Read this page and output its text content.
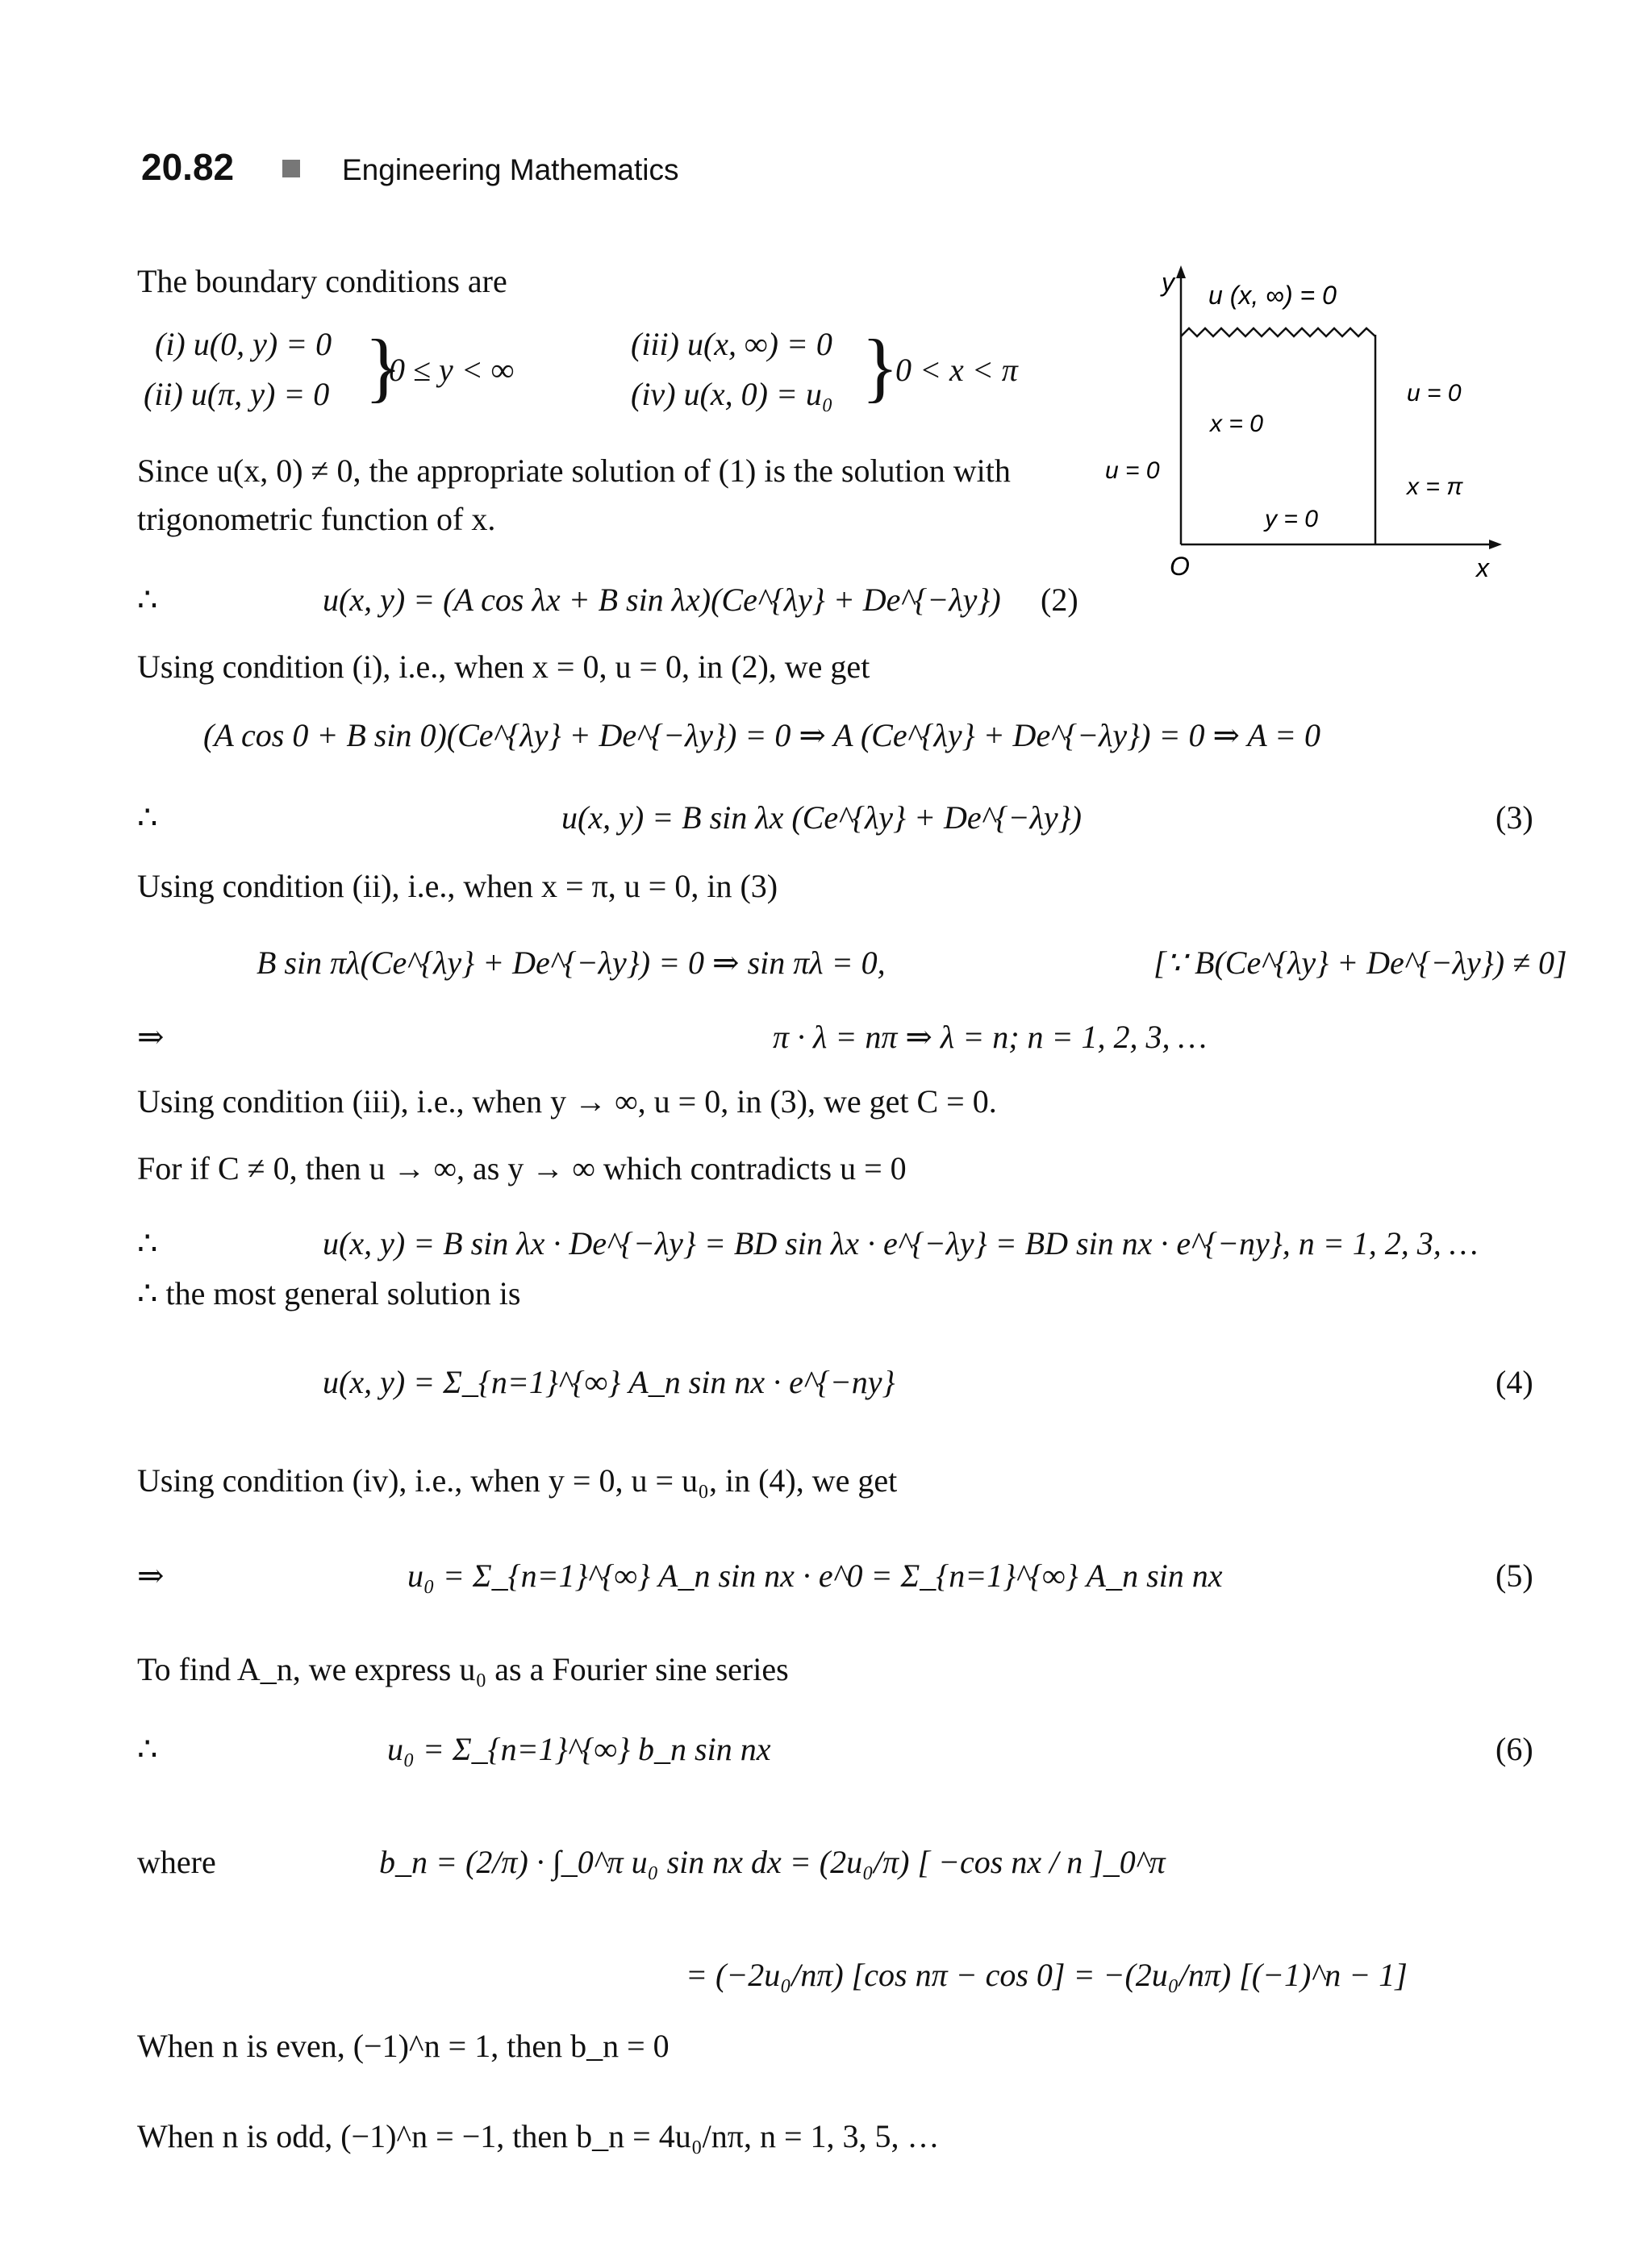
20.82	Engineering Mathematics
y
x
O
u (x, ∞) = 0
u = 0
x = 0
u = 0
x = π
y = 0
The boundary conditions are
(i) u(0, y) = 0
(ii) u(π, y) = 0 }
0 ≤ y < ∞
(iii) u(x, ∞) = 0
(iv) u(x, 0) = u₀ }
0 < x < π
Since u(x, 0) ≠ 0, the appropriate solution of (1) is the solution with
trigonometric function of x.
∴	u(x, y) = (A cos λx + B sin λx)(Ce^{λy} + De^{−λy}) (2)
Using condition (i), i.e., when x = 0, u = 0, in (2), we get
(A cos 0 + B sin 0)(Ce^{λy} + De^{−λy}) = 0 ⇒ A (Ce^{λy} + De^{−λy}) = 0 ⇒ A = 0
∴	u(x, y) = B sin λx (Ce^{λy} + De^{−λy})	(3)
Using condition (ii), i.e., when x = π, u = 0, in (3)
B sin πλ(Ce^{λy} + De^{−λy}) = 0 ⇒ sin πλ = 0,	[∵ B(Ce^{λy} + De^{−λy}) ≠ 0]
⇒	π · λ = nπ ⇒ λ = n; n = 1, 2, 3, …
Using condition (iii), i.e., when y → ∞, u = 0, in (3), we get C = 0.
For if C ≠ 0, then u → ∞, as y → ∞ which contradicts u = 0
∴	u(x, y) = B sin λx · De^{−λy} = BD sin λx · e^{−λy} = BD sin nx · e^{−ny}, n = 1, 2, 3, …
∴ the most general solution is
u(x, y) = Σ_{n=1}^{∞} A_n sin nx · e^{−ny}	(4)
Using condition (iv), i.e., when y = 0, u = u₀, in (4), we get
⇒	u₀ = Σ_{n=1}^{∞} A_n sin nx · e^0 = Σ_{n=1}^{∞} A_n sin nx	(5)
To find A_n, we express u₀ as a Fourier sine series
∴	u₀ = Σ_{n=1}^{∞} b_n sin nx	(6)
where	b_n = (2/π) · ∫_0^π u₀ sin nx dx = (2u₀/π) [ −cos nx / n ]_0^π
= (−2u₀/nπ) [cos nπ − cos 0] = −(2u₀/nπ) [(−1)^n − 1]
When n is even, (−1)^n = 1, then b_n = 0
When n is odd, (−1)^n = −1, then b_n = 4u₀/nπ, n = 1, 3, 5, …
